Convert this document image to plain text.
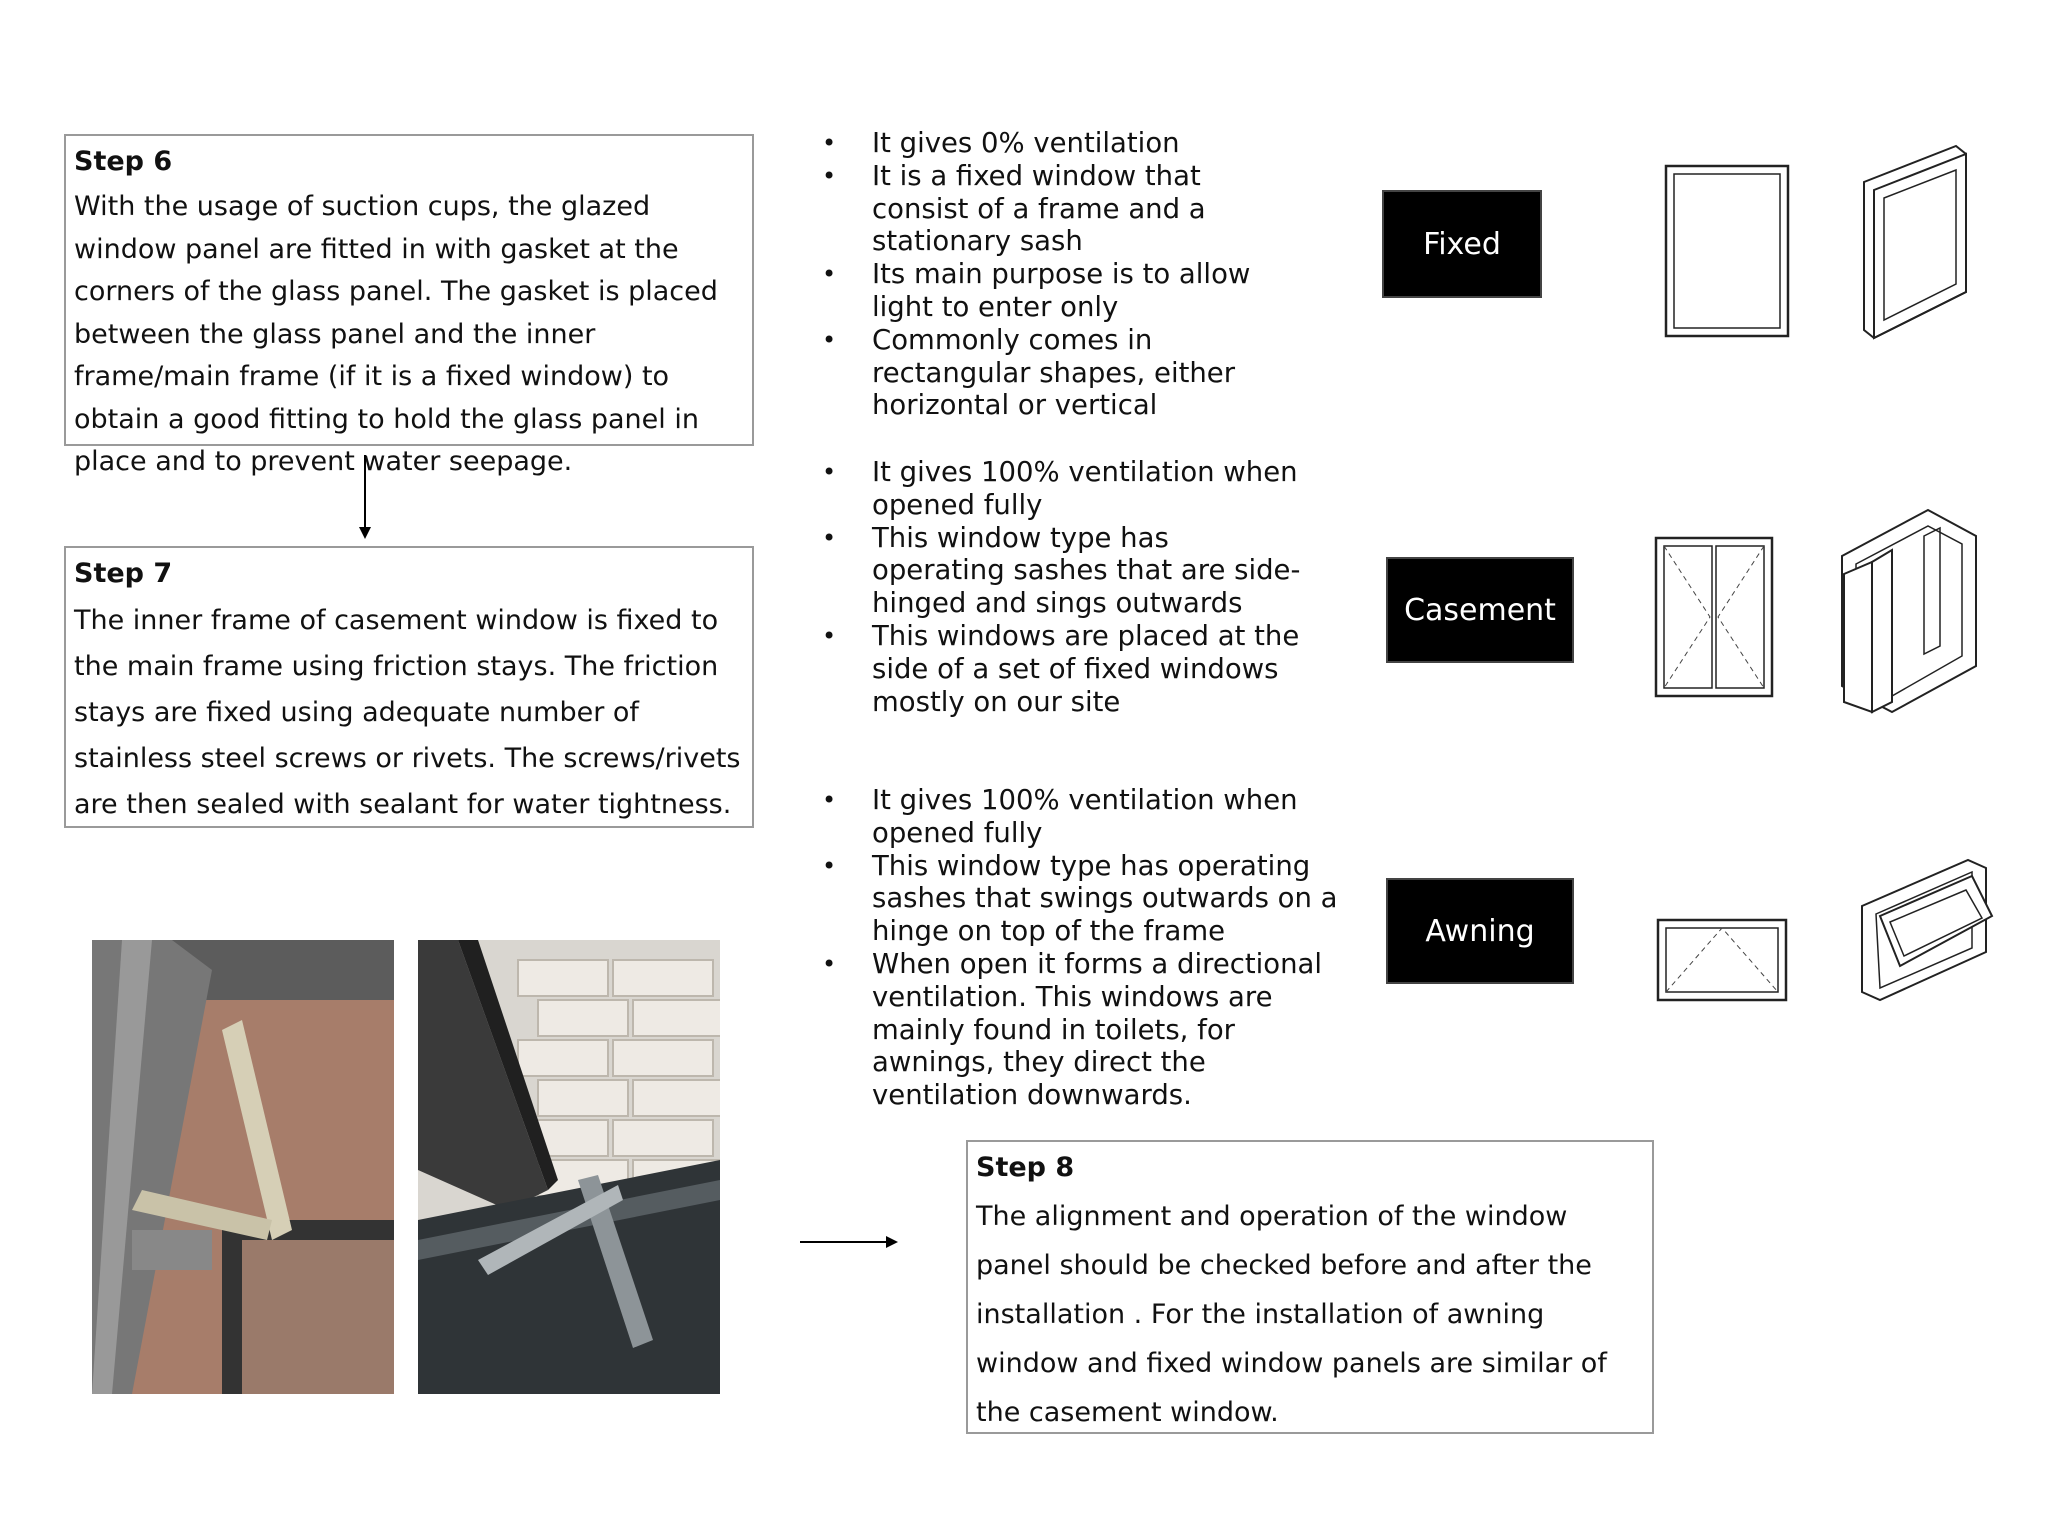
Step 6

With the usage of suction cups, the glazed window panel are fitted in with gasket at the corners of the glass panel. The gasket is placed between the glass panel and the inner frame/main frame (if it is a fixed window) to obtain a good fitting to hold the glass panel in place and to prevent water seepage.

Step 7

The inner frame of casement window is fixed to the main frame using friction stays. The friction stays are fixed using adequate number of stainless steel screws or rivets. The screws/rivets are then sealed with sealant for water tightness.

Step 8

The alignment and operation of the window panel should be checked before and after the installation . For the installation of awning window and fixed window panels are similar of the casement window.

• It gives 0% ventilation
• It is a fixed window that consist of a frame and a stationary sash
• Its main purpose is to allow light to enter only
• Commonly comes in rectangular shapes, either horizontal or vertical
• It gives 100% ventilation when opened fully
• This window type has operating sashes that are side-hinged and sings outwards
• This windows are placed at the side of a set of fixed windows mostly on our site
• It gives 100% ventilation when opened fully
• This window type has operating sashes that swings outwards on a hinge on top of the frame
• When open it forms a directional ventilation. This windows are mainly found in toilets, for awnings, they direct the ventilation downwards.
Fixed
Casement
Awning
